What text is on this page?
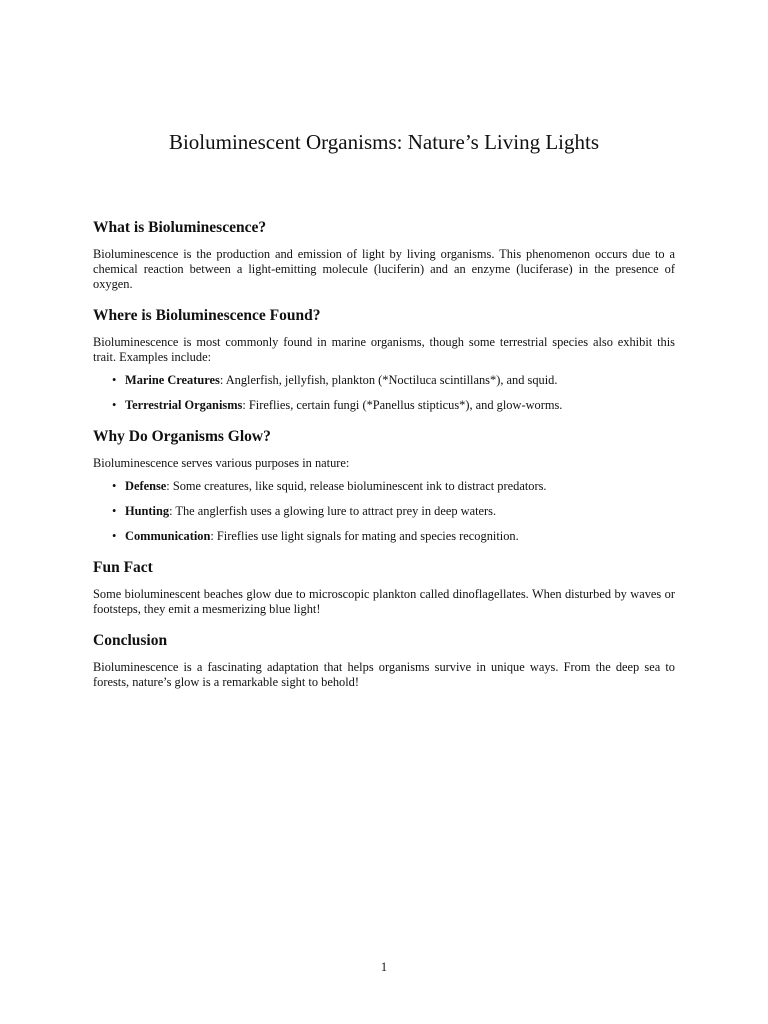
Bioluminescent Organisms: Nature’s Living Lights
What is Bioluminescence?

Bioluminescence is the production and emission of light by living organisms. This phenomenon occurs due to a chemical reaction between a light-emitting molecule (luciferin) and an enzyme (luciferase) in the presence of oxygen.

Where is Bioluminescence Found?

Bioluminescence is most commonly found in marine organisms, though some terrestrial species also exhibit this trait. Examples include:

• Marine Creatures: Anglerfish, jellyfish, plankton (*Noctiluca scintillans*), and squid.
• Terrestrial Organisms: Fireflies, certain fungi (*Panellus stipticus*), and glow-worms.
Why Do Organisms Glow?

Bioluminescence serves various purposes in nature:

• Defense: Some creatures, like squid, release bioluminescent ink to distract predators.
• Hunting: The anglerfish uses a glowing lure to attract prey in deep waters.
• Communication: Fireflies use light signals for mating and species recognition.
Fun Fact

Some bioluminescent beaches glow due to microscopic plankton called dinoflagellates. When disturbed by waves or footsteps, they emit a mesmerizing blue light!

Conclusion

Bioluminescence is a fascinating adaptation that helps organisms survive in unique ways. From the deep sea to forests, nature’s glow is a remarkable sight to behold!

1
